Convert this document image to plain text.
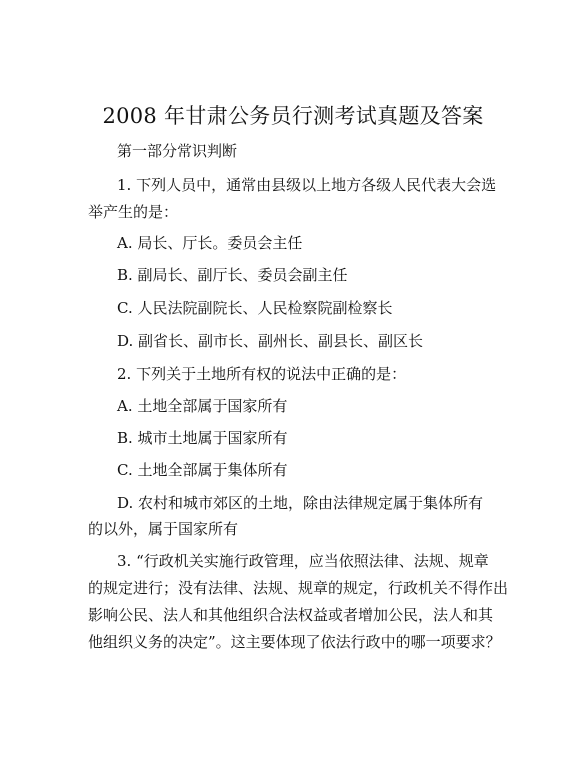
2008 年甘肃公务员行测考试真题及答案
第一部分常识判断
1. 下列人员中，通常由县级以上地方各级人民代表大会选
举产生的是：
A. 局长、厅长。委员会主任
B. 副局长、副厅长、委员会副主任
C. 人民法院副院长、人民检察院副检察长
D. 副省长、副市长、副州长、副县长、副区长
2. 下列关于土地所有权的说法中正确的是：
A. 土地全部属于国家所有
B. 城市土地属于国家所有
C. 土地全部属于集体所有
D. 农村和城市郊区的土地，除由法律规定属于集体所有
的以外，属于国家所有
3. “行政机关实施行政管理，应当依照法律、法规、规章
的规定进行；没有法律、法规、规章的规定，行政机关不得作出
影响公民、法人和其他组织合法权益或者增加公民，法人和其
他组织义务的决定”。这主要体现了依法行政中的哪一项要求？
